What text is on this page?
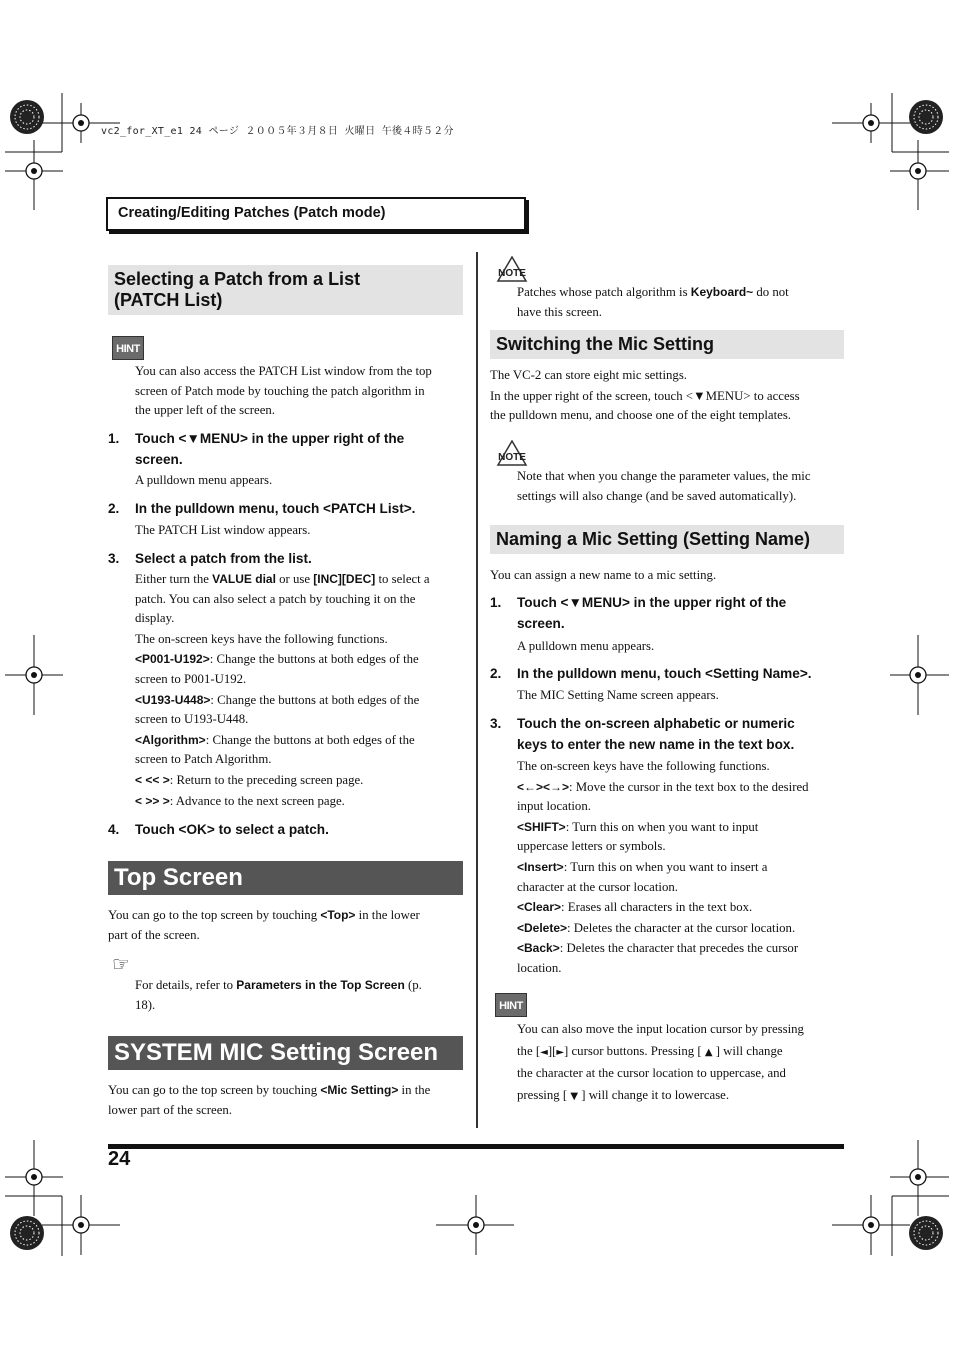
vc2_for_XT_e1 24 ページ ２００５年３月８日 火曜日 午後４時５２分
Creating/Editing Patches (Patch mode)
Selecting a Patch from a List
(PATCH List)
HINT
You can also access the PATCH List window from the top
screen of Patch mode by touching the patch algorithm in
the upper left of the screen.
1. Touch <▼MENU> in the upper right of the
screen.
A pulldown menu appears.
2. In the pulldown menu, touch <PATCH List>.
The PATCH List window appears.
3. Select a patch from the list.
Either turn the VALUE dial or use [INC][DEC] to select a
patch. You can also select a patch by touching it on the
display.
The on-screen keys have the following functions.
<P001-U192>: Change the buttons at both edges of the
screen to P001-U192.
<U193-U448>: Change the buttons at both edges of the
screen to U193-U448.
<Algorithm>: Change the buttons at both edges of the
screen to Patch Algorithm.
< << >: Return to the preceding screen page.
< >> >: Advance to the next screen page.
4. Touch <OK> to select a patch.
Top Screen
You can go to the top screen by touching <Top> in the lower
part of the screen.
☞
For details, refer to Parameters in the Top Screen (p.
18).
SYSTEM MIC Setting Screen
You can go to the top screen by touching <Mic Setting> in the
lower part of the screen.
NOTE
Patches whose patch algorithm is Keyboard~ do not
have this screen.
Switching the Mic Setting
The VC-2 can store eight mic settings.
In the upper right of the screen, touch <▼MENU> to access
the pulldown menu, and choose one of the eight templates.
NOTE
Note that when you change the parameter values, the mic
settings will also change (and be saved automatically).
Naming a Mic Setting (Setting Name)
You can assign a new name to a mic setting.
1. Touch <▼MENU> in the upper right of the
screen.
A pulldown menu appears.
2. In the pulldown menu, touch <Setting Name>.
The MIC Setting Name screen appears.
3. Touch the on-screen alphabetic or numeric
keys to enter the new name in the text box.
The on-screen keys have the following functions.
<←><→>: Move the cursor in the text box to the desired
input location.
<SHIFT>: Turn this on when you want to input
uppercase letters or symbols.
<Insert>: Turn this on when you want to insert a
character at the cursor location.
<Clear>: Erases all characters in the text box.
<Delete>: Deletes the character at the cursor location.
<Back>: Deletes the character that precedes the cursor
location.
HINT
You can also move the input location cursor by pressing
the [◄][►] cursor buttons. Pressing [ ▲ ] will change
the character at the cursor location to uppercase, and
pressing [ ▼ ] will change it to lowercase.
24
